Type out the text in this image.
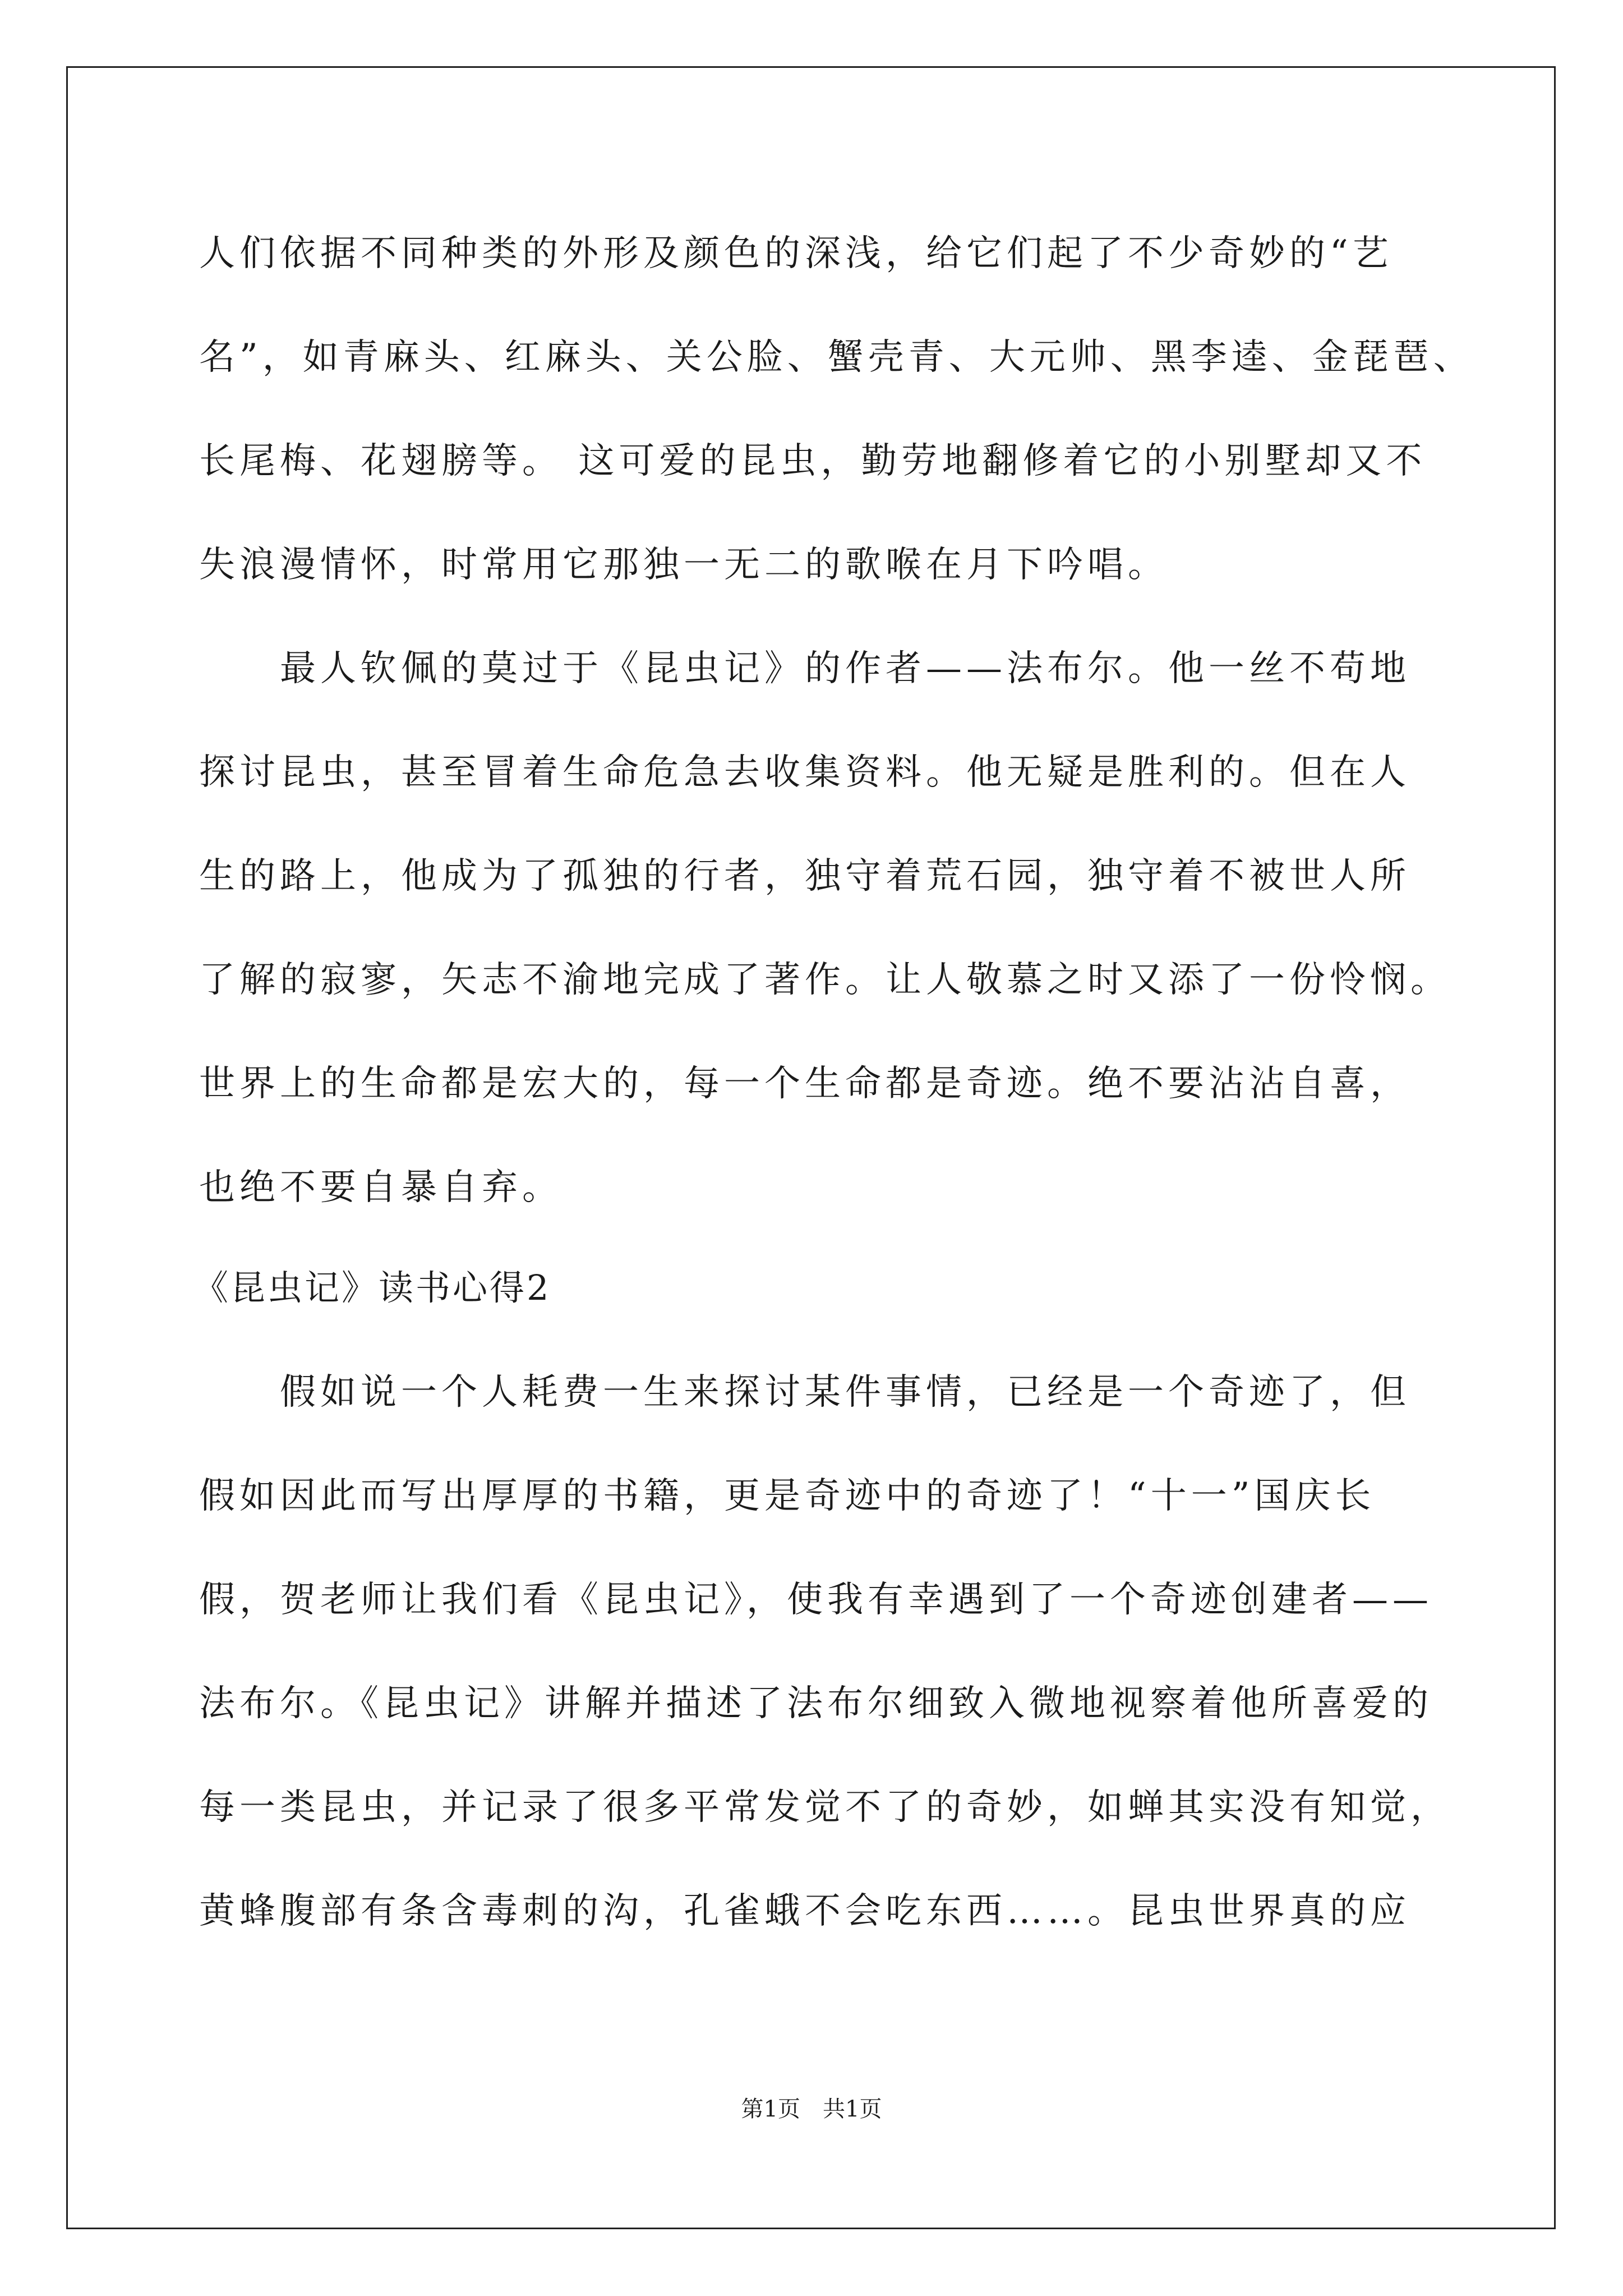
人们依据不同种类的外形及颜色的深浅，给它们起了不少奇妙的“艺
名”，如青麻头、红麻头、关公脸、蟹壳青、大元帅、黑李逵、金琵琶、
长尾梅、花翅膀等。 这可爱的昆虫，勤劳地翻修着它的小别墅却又不
失浪漫情怀，时常用它那独一无二的歌喉在月下吟唱。
　　最人钦佩的莫过于《昆虫记》的作者——法布尔。他一丝不苟地
探讨昆虫，甚至冒着生命危急去收集资料。他无疑是胜利的。但在人
生的路上，他成为了孤独的行者，独守着荒石园，独守着不被世人所
了解的寂寥，矢志不渝地完成了著作。让人敬慕之时又添了一份怜悯。
世界上的生命都是宏大的，每一个生命都是奇迹。绝不要沾沾自喜，
也绝不要自暴自弃。
《昆虫记》读书心得2
　　假如说一个人耗费一生来探讨某件事情，已经是一个奇迹了，但
假如因此而写出厚厚的书籍，更是奇迹中的奇迹了！“十一”国庆长
假，贺老师让我们看《昆虫记》，使我有幸遇到了一个奇迹创建者——
法布尔。《昆虫记》讲解并描述了法布尔细致入微地视察着他所喜爱的
每一类昆虫，并记录了很多平常发觉不了的奇妙，如蝉其实没有知觉，
黄蜂腹部有条含毒刺的沟，孔雀蛾不会吃东西……。昆虫世界真的应
第1页　共1页
